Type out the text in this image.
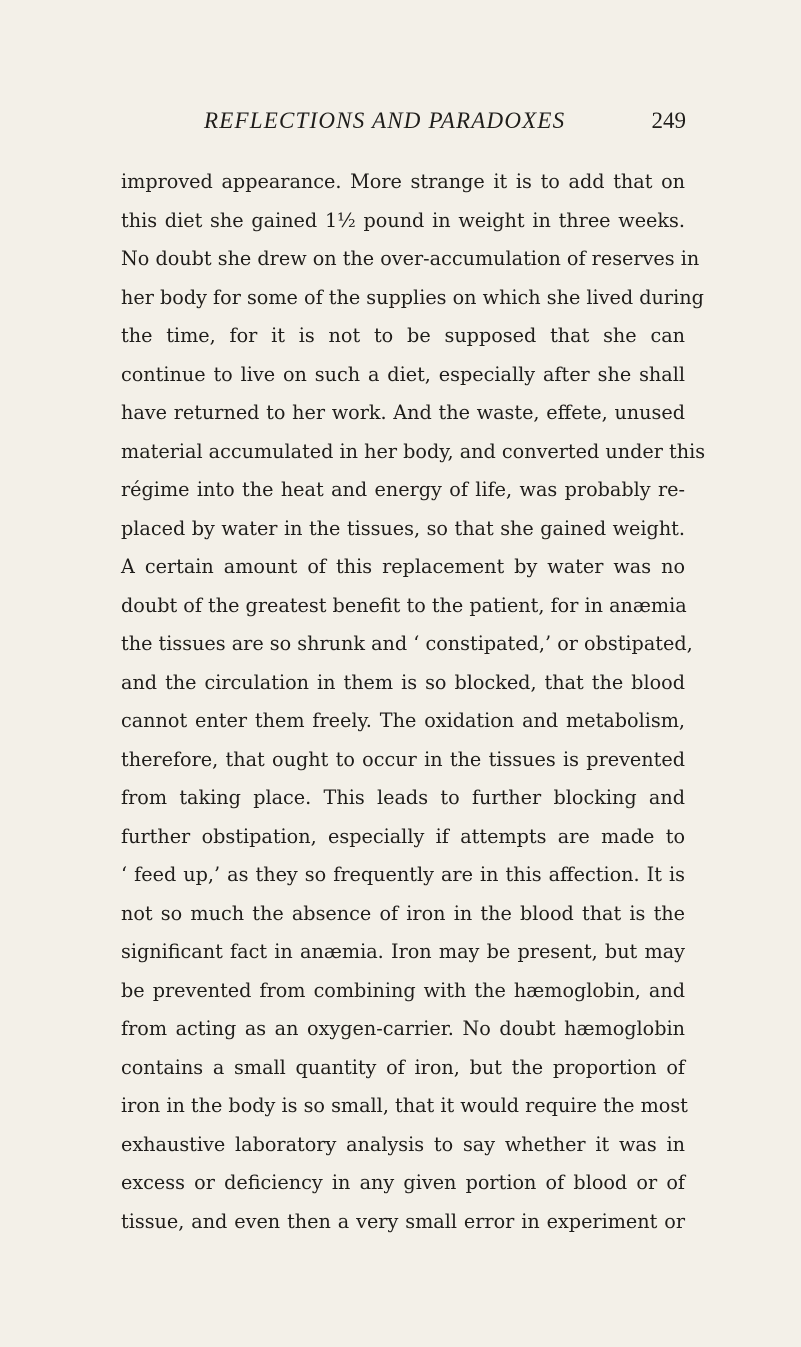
REFLECTIONS AND PARADOXES	249
improved appearance. More strange it is to add that on
this diet she gained 1½ pound in weight in three weeks.
No doubt she drew on the over-accumulation of reserves in
her body for some of the supplies on which she lived during
the time, for it is not to be supposed that she can
continue to live on such a diet, especially after she shall
have returned to her work. And the waste, effete, unused
material accumulated in her body, and converted under this
régime into the heat and energy of life, was probably re-
placed by water in the tissues, so that she gained weight.
A certain amount of this replacement by water was no
doubt of the greatest benefit to the patient, for in anæmia
the tissues are so shrunk and ‘ constipated,’ or obstipated,
and the circulation in them is so blocked, that the blood
cannot enter them freely. The oxidation and metabolism,
therefore, that ought to occur in the tissues is prevented
from taking place. This leads to further blocking and
further obstipation, especially if attempts are made to
‘ feed up,’ as they so frequently are in this affection. It is
not so much the absence of iron in the blood that is the
significant fact in anæmia. Iron may be present, but may
be prevented from combining with the hæmoglobin, and
from acting as an oxygen-carrier. No doubt hæmoglobin
contains a small quantity of iron, but the proportion of
iron in the body is so small, that it would require the most
exhaustive laboratory analysis to say whether it was in
excess or deficiency in any given portion of blood or of
tissue, and even then a very small error in experiment or
